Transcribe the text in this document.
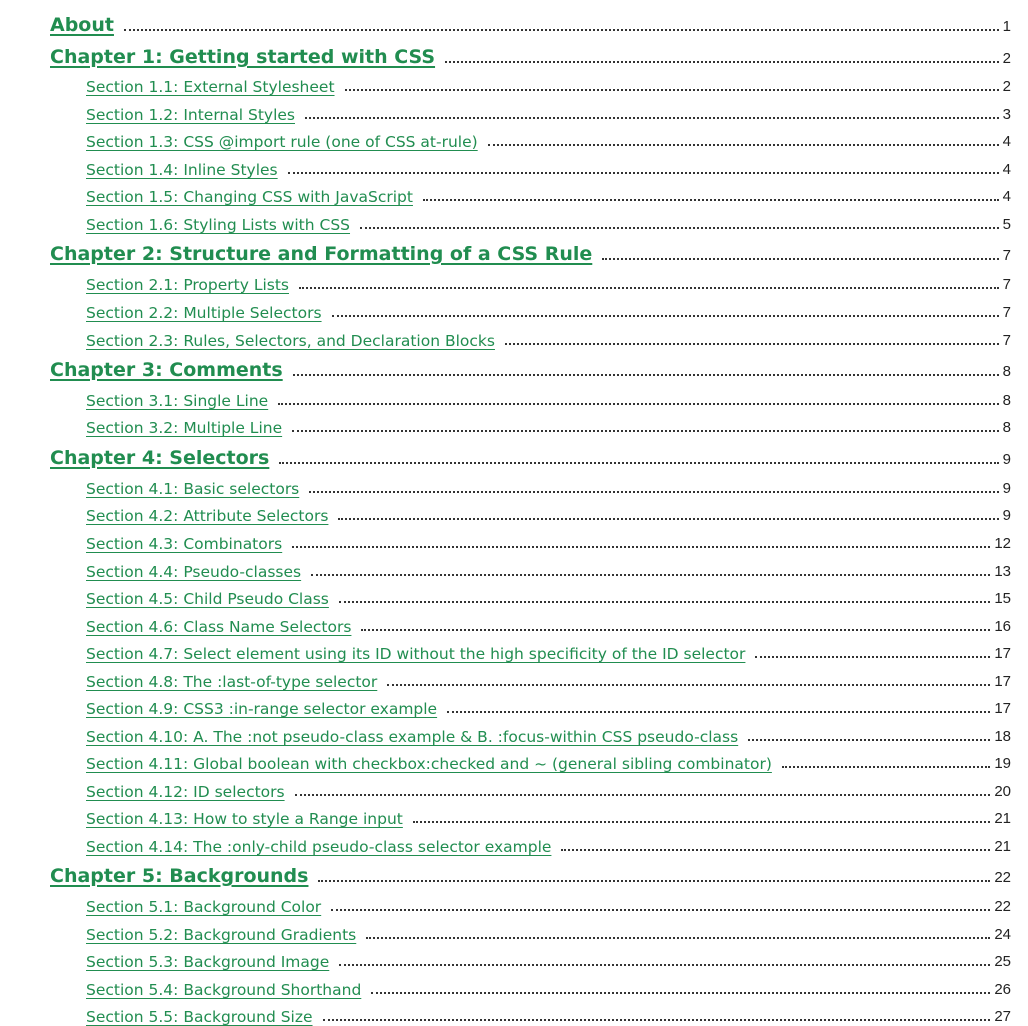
About	1
Chapter 1: Getting started with CSS	2
Section 1.1: External Stylesheet	2
Section 1.2: Internal Styles	3
Section 1.3: CSS @import rule (one of CSS at-rule)	4
Section 1.4: Inline Styles	4
Section 1.5: Changing CSS with JavaScript	4
Section 1.6: Styling Lists with CSS	5
Chapter 2: Structure and Formatting of a CSS Rule	7
Section 2.1: Property Lists	7
Section 2.2: Multiple Selectors	7
Section 2.3: Rules, Selectors, and Declaration Blocks	7
Chapter 3: Comments	8
Section 3.1: Single Line	8
Section 3.2: Multiple Line	8
Chapter 4: Selectors	9
Section 4.1: Basic selectors	9
Section 4.2: Attribute Selectors	9
Section 4.3: Combinators	12
Section 4.4: Pseudo-classes	13
Section 4.5: Child Pseudo Class	15
Section 4.6: Class Name Selectors	16
Section 4.7: Select element using its ID without the high specificity of the ID selector	17
Section 4.8: The :last-of-type selector	17
Section 4.9: CSS3 :in-range selector example	17
Section 4.10: A. The :not pseudo-class example & B. :focus-within CSS pseudo-class	18
Section 4.11: Global boolean with checkbox:checked and ~ (general sibling combinator)	19
Section 4.12: ID selectors	20
Section 4.13: How to style a Range input	21
Section 4.14: The :only-child pseudo-class selector example	21
Chapter 5: Backgrounds	22
Section 5.1: Background Color	22
Section 5.2: Background Gradients	24
Section 5.3: Background Image	25
Section 5.4: Background Shorthand	26
Section 5.5: Background Size	27
